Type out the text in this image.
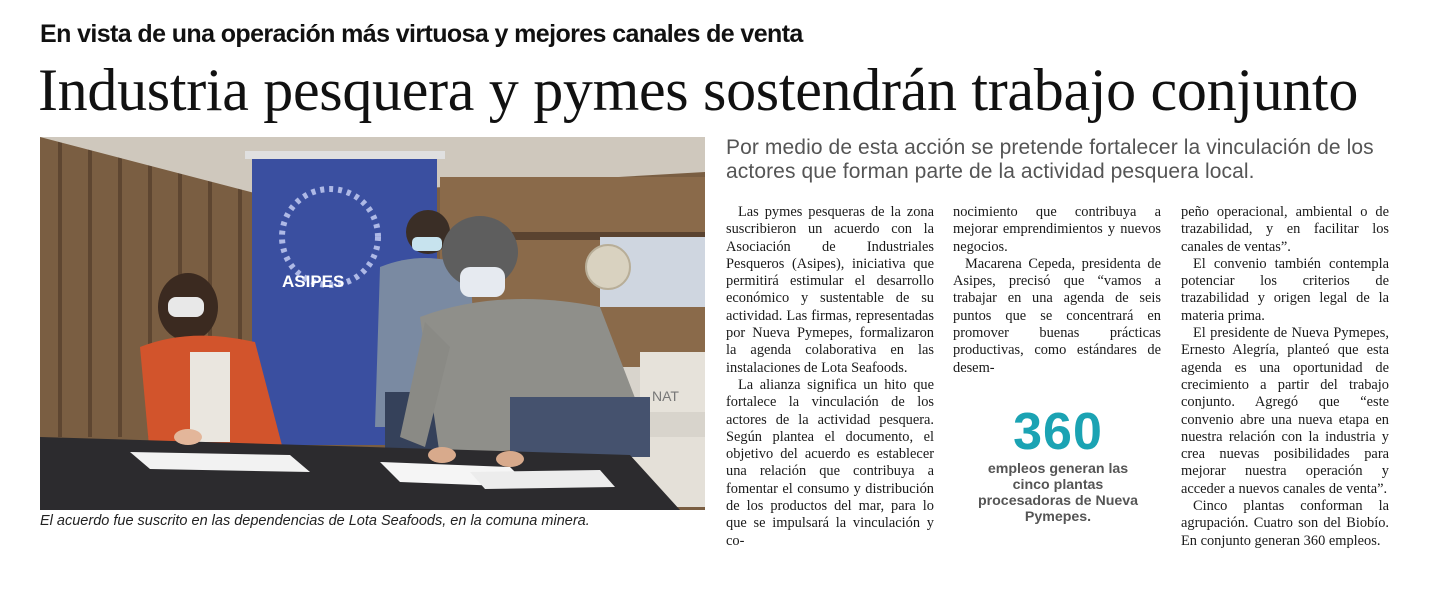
En vista de una operación más virtuosa y mejores canales de venta
Industria pesquera y pymes sostendrán trabajo conjunto
NAT
ASIPES
El acuerdo fue suscrito en las dependencias de Lota Seafoods, en la comuna minera.
Por medio de esta acción se pretende fortalecer la vinculación de los actores que forman parte de la actividad pesquera local.

Las pymes pesqueras de la zona suscribieron un acuerdo con la Asociación de Industriales Pesqueros (Asipes), iniciativa que permitirá estimular el desarrollo económico y sustentable de su actividad. Las firmas, representadas por Nueva Pymepes, formalizaron la agenda colaborativa en las instalaciones de Lota Seafoods.

La alianza significa un hito que fortalece la vinculación de los actores de la actividad pesquera. Según plantea el documento, el objetivo del acuerdo es establecer una relación que contribuya a fomentar el consumo y distribución de los productos del mar, para lo que se impulsará la vinculación y co-

nocimiento que contribuya a mejorar emprendimientos y nuevos negocios.

Macarena Cepeda, presidenta de Asipes, precisó que “vamos a trabajar en una agenda de seis puntos que se concentrará en promover buenas prácticas productivas, como estándares de desem-

360
empleos generan las cinco plantas procesadoras de Nueva Pymepes.

peño operacional, ambiental o de trazabilidad, y en facilitar los canales de ventas”.

El convenio también contempla potenciar los criterios de trazabilidad y origen legal de la materia prima.

El presidente de Nueva Pymepes, Ernesto Alegría, planteó que esta agenda es una oportunidad de crecimiento a partir del trabajo conjunto. Agregó que “este convenio abre una nueva etapa en nuestra relación con la industria y crea nuevas posibilidades para mejorar nuestra operación y acceder a nuevos canales de venta”.

Cinco plantas conforman la agrupación. Cuatro son del Biobío. En conjunto generan 360 empleos.
